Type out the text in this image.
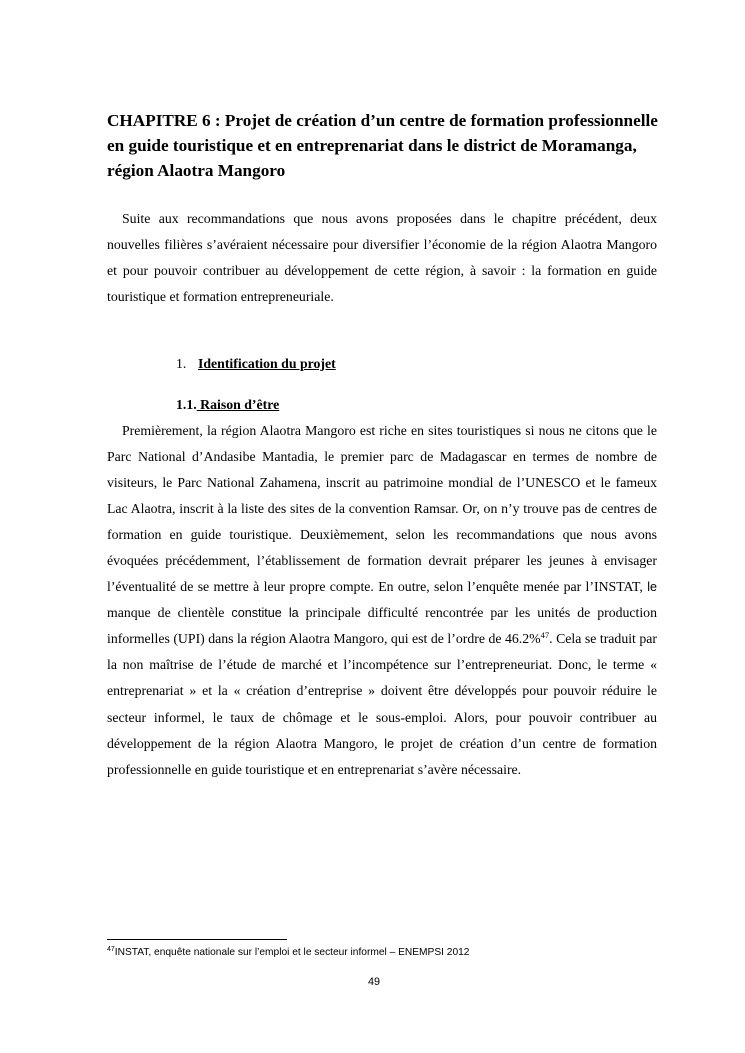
CHAPITRE 6 : Projet de création d’un centre de formation professionnelle en guide touristique et en entreprenariat dans le district de Moramanga, région Alaotra Mangoro
Suite aux recommandations que nous avons proposées dans le chapitre précédent, deux nouvelles filières s’avéraient nécessaire pour diversifier l’économie de la région Alaotra Mangoro et pour pouvoir contribuer au développement de cette région, à savoir : la formation en guide touristique et formation entrepreneuriale.
1. Identification du projet
1.1. Raison d’être
Premièrement, la région Alaotra Mangoro est riche en sites touristiques si nous ne citons que le Parc National d’Andasibe Mantadia, le premier parc de Madagascar en termes de nombre de visiteurs, le Parc National Zahamena, inscrit au patrimoine mondial de l’UNESCO et le fameux Lac Alaotra, inscrit à la liste des sites de la convention Ramsar. Or, on n’y trouve pas de centres de formation en guide touristique. Deuxièmement, selon les recommandations que nous avons évoquées précédemment, l’établissement de formation devrait préparer les jeunes à envisager l’éventualité de se mettre à leur propre compte. En outre, selon l’enquête menée par l’INSTAT, le manque de clientèle constitue la principale difficulté rencontrée par les unités de production informelles (UPI) dans la région Alaotra Mangoro, qui est de l’ordre de 46.2%$^{47}$. Cela se traduit par la non maîtrise de l’étude de marché et l’incompétence sur l’entrepreneuriat. Donc, le terme « entreprenariat » et la « création d’entreprise » doivent être développés pour pouvoir réduire le secteur informel, le taux de chômage et le sous-emploi. Alors, pour pouvoir contribuer au développement de la région Alaotra Mangoro, le projet de création d’un centre de formation professionnelle en guide touristique et en entreprenariat s’avère nécessaire.
$^{47}$INSTAT, enquête nationale sur l’emploi et le secteur informel – ENEMPSI 2012
49
